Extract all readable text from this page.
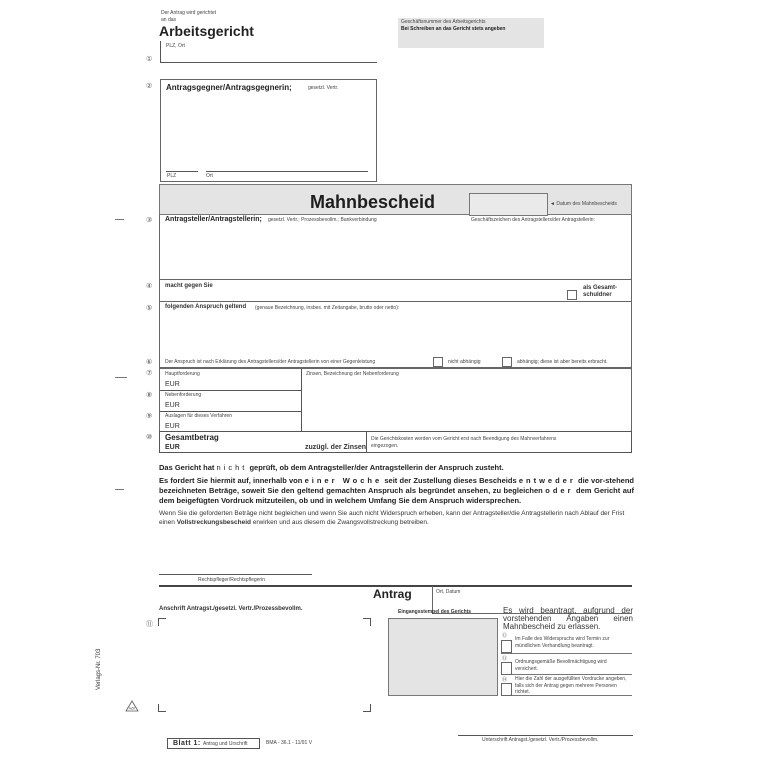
Der Antrag wird gerichtet
an das
Arbeitsgericht
PLZ, Ort
①
Geschäftsnummer des Arbeitsgerichts
Bei Schreiben an das Gericht stets angeben
② Antragsgegner/Antragsgegnerin;	gesetzl. Vertr.
PLZ	Ort
Mahnbescheid	◄ Datum des Mahnbescheids
③ Antragsteller/Antragstellerin; gesetzl. Vertr.; Prozessbevollm.; Bankverbindung	Geschäftszeichen des Antragstellers/der Antragstellerin:
④ macht gegen Sie	als Gesamt-
schuldner
⑤ folgenden Anspruch geltend (genaue Bezeichnung, insbes. mit Zeitangabe, brutto oder netto):
Der Anspruch ist nach Erklärung des Antragstellers/der Antragstellerin von einer Gegenleistung	nicht abhängig	abhängig; diese ist aber bereits erbracht.
⑥
⑦
⑧
⑨
⑩
Hauptforderung
EUR
Nebenforderung
EUR
Auslagen für dieses Verfahren
EUR
Zinsen, Bezeichnung der Nebenforderung
Gesamtbetrag
EUR	zuzügl. der Zinsen
Die Gerichtskosten werden vom Gericht erst nach Beendigung des Mahnverfahrens
eingezogen.
Das Gericht hat nicht geprüft, ob dem Antragsteller/der Antragstellerin der Anspruch zusteht.
Es fordert Sie hiermit auf, innerhalb von einer Woche seit der Zustellung dieses Bescheids entweder die vor-stehend bezeichneten Beträge, soweit Sie den geltend gemachten Anspruch als begründet ansehen, zu begleichen oder dem Gericht auf dem beigefügten Vordruck mitzuteilen, ob und in welchem Umfang Sie dem Anspruch widersprechen.
Wenn Sie die geforderten Beträge nicht begleichen und wenn Sie auch nicht Widerspruch erheben, kann der Antragsteller/die Antragstellerin nach Ablauf der Frist einen Vollstreckungsbescheid erwirken und aus diesem die Zwangsvollstreckung betreiben.
Rechtspfleger/Rechtspflegerin
Antrag	Ort, Datum
Anschrift Antragst./gesetzl. Vertr./Prozessbevollm.
⑪
Eingangsstempel des Gerichts	Es wird beantragt, aufgrund der vorstehenden Angaben einen Mahnbescheid zu erlassen.
⑫ Im Falle des Widerspruchs wird Termin zur mündlichen Verhandlung beantragt.
⑬ Ordnungsgemäße Bevollmächtigung wird versichert.
⑭ Hier die Zahl der ausgefüllten Vordrucke angeben, falls sich der Antrag gegen mehrere Personen richtet.
Unterschrift Antragst./gesetzl. Vertr./Prozessbevollm.
Blatt 1: Antrag und Urschrift	BMA - 36.1 - 11/91 V
Verlags-Nr. 703
AZK
